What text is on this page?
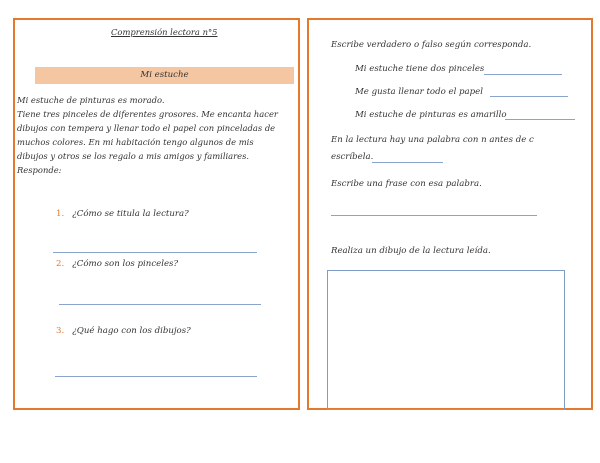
Comprensión lectora n°5
Mi estuche
Mi estuche de pinturas es morado.
Tiene tres pinceles de diferentes grosores. Me encanta hacer
dibujos con tempera y llenar todo el papel con pinceladas de
muchos colores. En mi habitación tengo algunos de mis
dibujos y otros se los regalo a mis amigos y familiares.
Responde:
1. ¿Cómo se titula la lectura?
2. ¿Cómo son los pinceles?
3. ¿Qué hago con los dibujos?
Escribe verdadero o falso según corresponda.
Mi estuche tiene dos pinceles
Me gusta llenar todo el papel
Mi estuche de pinturas es amarillo
En la lectura hay una palabra con n antes de c
escríbela.
Escribe una frase con esa palabra.
Realiza un dibujo de la lectura leída.
